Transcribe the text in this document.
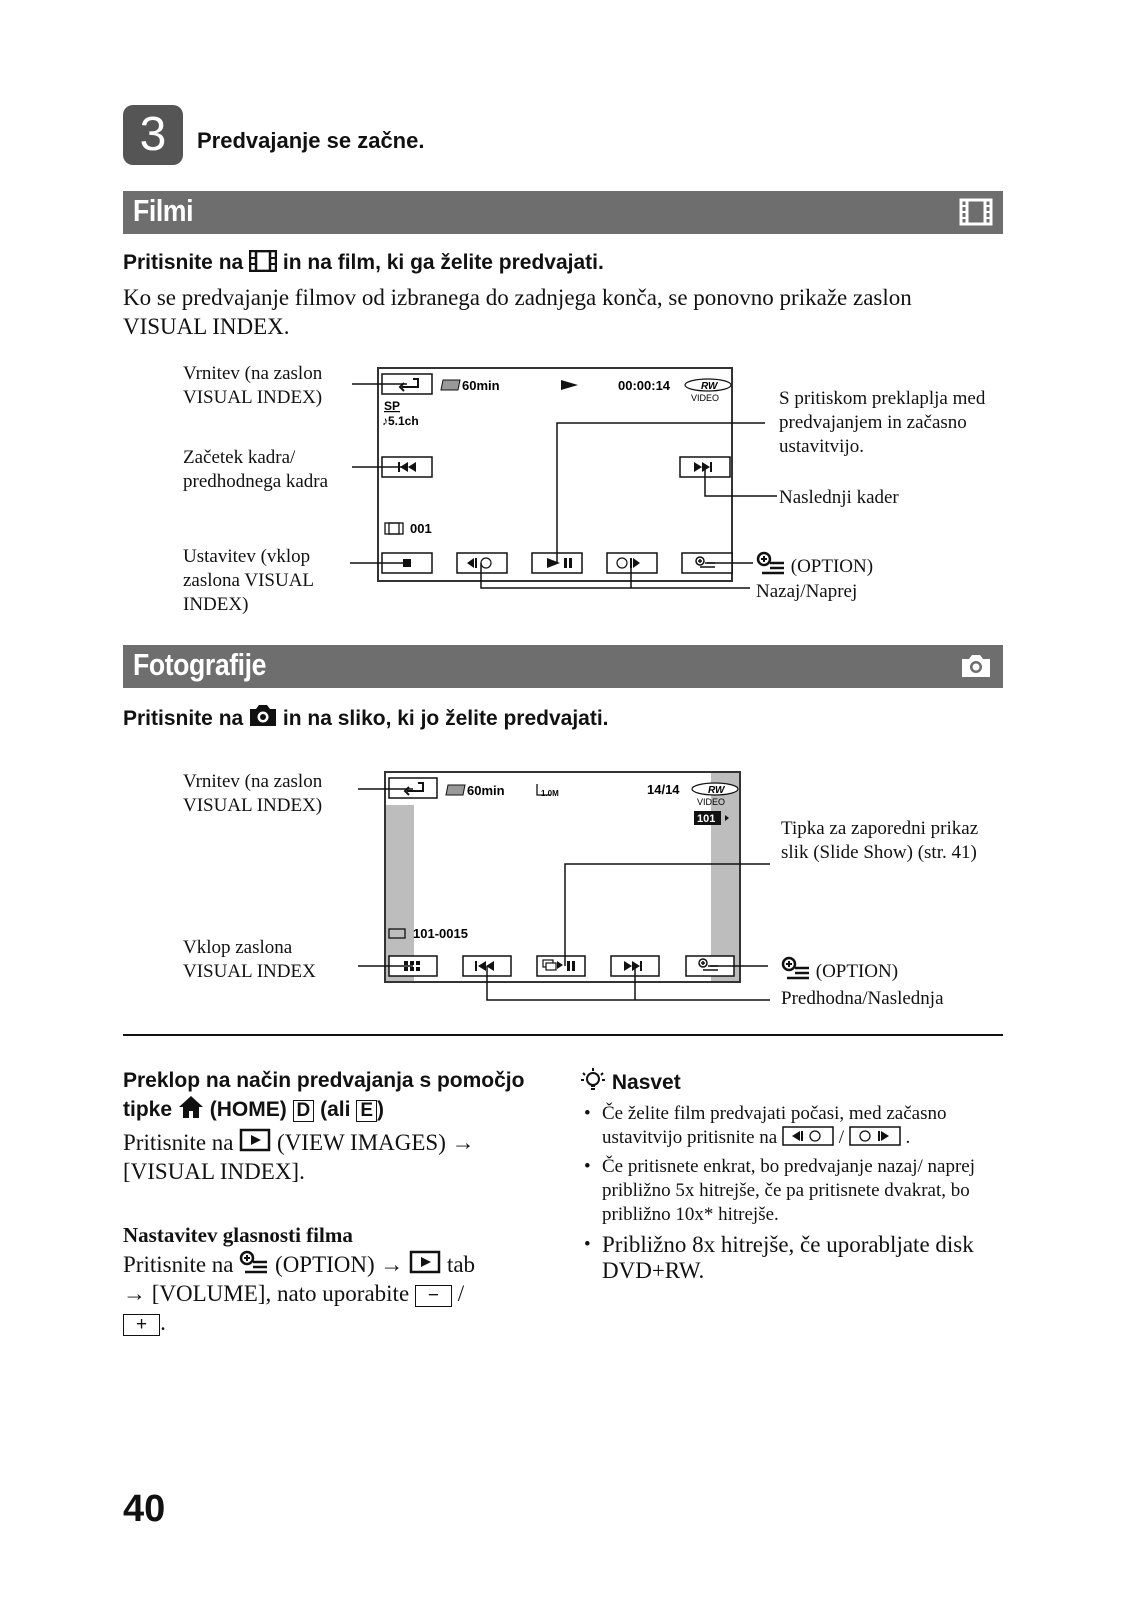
3	Predvajanje se začne.
Filmi
Pritisnite na in na film, ki ga želite predvajati.
Ko se predvajanje filmov od izbranega do zadnjega konča, se ponovno prikaže zaslon VISUAL INDEX.
60min	00:00:14	RW
VIDEO
SP
♪5.1ch
001
Vrnitev (na zaslon VISUAL INDEX)
Začetek kadra/ predhodnega kadra
Ustavitev (vklop zaslona VISUAL INDEX)
S pritiskom preklaplja med predvajanjem in začasno ustavitvijo.
Naslednji kader
(OPTION)
Nazaj/Naprej
Fotografije
Pritisnite na in na sliko, ki jo želite predvajati.
60min	1.0M	14/14	RW
VIDEO
101
101-0015
Vrnitev (na zaslon VISUAL INDEX)
Tipka za zaporedni prikaz slik (Slide Show) (str. 41)
Vklop zaslona VISUAL INDEX	(OPTION)
Predhodna/Naslednja
Preklop na način predvajanja s pomočjo tipke (HOME) D (ali E )
Pritisnite na (VIEW IMAGES) →
[VISUAL INDEX].
Nastavitev glasnosti filma
Pritisnite na (OPTION) → tab
→ [VOLUME], nato uporabite − /
+ .
Nasvet
• Če želite film predvajati počasi, med začasno ustavitvijo pritisnite na	/	.
• Če pritisnete enkrat, bo predvajanje nazaj/ naprej približno 5x hitrejše, če pa pritisnete dvakrat, bo približno 10x* hitrejše.
• Približno 8x hitrejše, če uporabljate disk DVD+RW.
40
